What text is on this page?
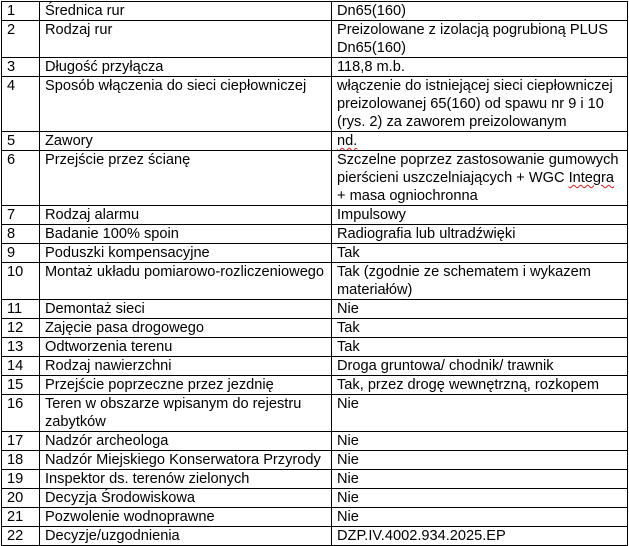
1	Średnica rur	Dn65(160)
2	Rodzaj rur	Preizolowane z izolacją pogrubioną PLUS Dn65(160)
3	Długość przyłącza	118,8 m.b.
4	Sposób włączenia do sieci ciepłowniczej	włączenie do istniejącej sieci ciepłowniczej preizolowanej 65(160) od spawu nr 9 i 10 (rys. 2) za zaworem preizolowanym
5	Zawory	nd.
6	Przejście przez ścianę	Szczelne poprzez zastosowanie gumowych pierścieni uszczelniających + WGC Integra + masa ogniochronna
7	Rodzaj alarmu	Impulsowy
8	Badanie 100% spoin	Radiografia lub ultradźwięki
9	Poduszki kompensacyjne	Tak
10	Montaż układu pomiarowo-rozliczeniowego	Tak (zgodnie ze schematem i wykazem materiałów)
11	Demontaż sieci	Nie
12	Zajęcie pasa drogowego	Tak
13	Odtworzenia terenu	Tak
14	Rodzaj nawierzchni	Droga gruntowa/ chodnik/ trawnik
15	Przejście poprzeczne przez jezdnię	Tak, przez drogę wewnętrzną, rozkopem
16	Teren w obszarze wpisanym do rejestru zabytków	Nie
17	Nadzór archeologa	Nie
18	Nadzór Miejskiego Konserwatora Przyrody	Nie
19	Inspektor ds. terenów zielonych	Nie
20	Decyzja Środowiskowa	Nie
21	Pozwolenie wodnoprawne	Nie
22	Decyzje/uzgodnienia	DZP.IV.4002.934.2025.EP
